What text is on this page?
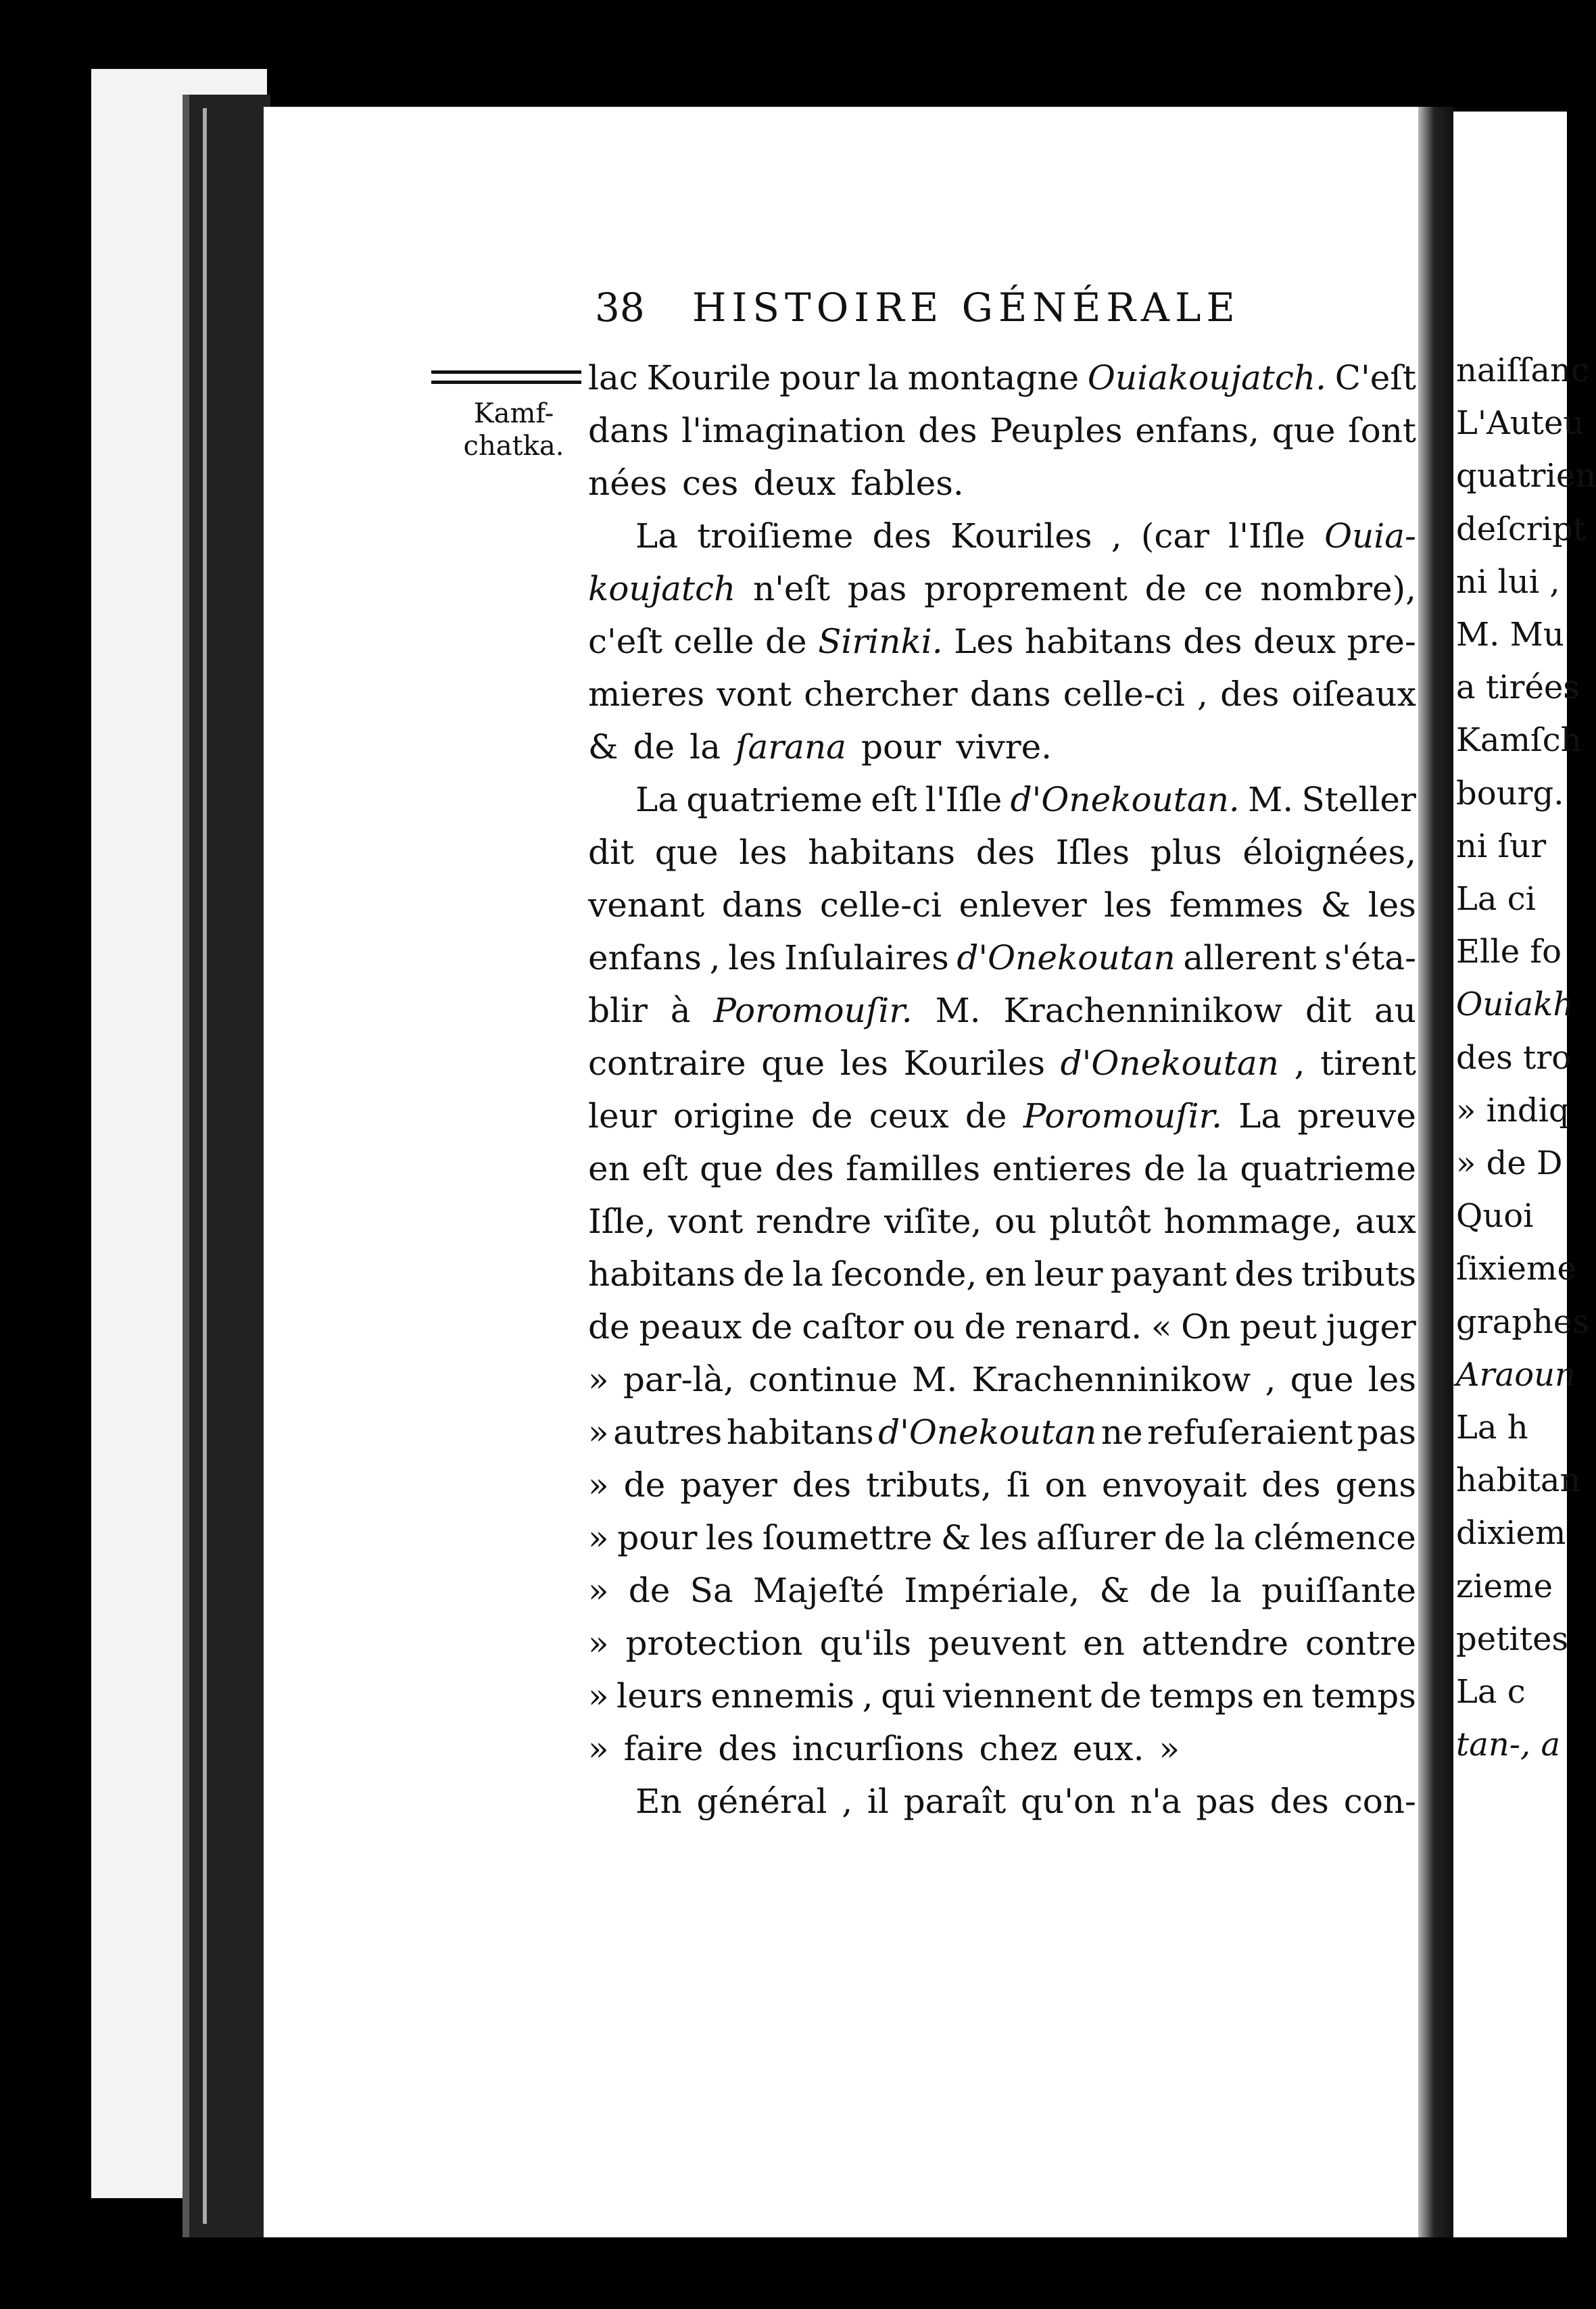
38 HISTOIRE GÉNÉRALE
Kamf-
chatka.
lac Kourile pour la montagne Ouiakoujatch. C'eſt
dans l'imagination des Peuples enfans, que ſont
nées ces deux fables.
La troiſieme des Kouriles , (car l'Iſle Ouia-
koujatch n'eſt pas proprement de ce nombre),
c'eſt celle de Sirinki. Les habitans des deux pre-
mieres vont chercher dans celle-ci , des oiſeaux
& de la ſarana pour vivre.
La quatrieme eſt l'Iſle d'Onekoutan. M. Steller
dit que les habitans des Iſles plus éloignées,
venant dans celle-ci enlever les femmes & les
enfans , les Inſulaires d'Onekoutan allerent s'éta-
blir à Poromouſir. M. Krachenninikow dit au
contraire que les Kouriles d'Onekoutan , tirent
leur origine de ceux de Poromouſir. La preuve
en eſt que des familles entieres de la quatrieme
Iſle, vont rendre viſite, ou plutôt hommage, aux
habitans de la ſeconde, en leur payant des tributs
de peaux de caſtor ou de renard. « On peut juger
» par-là, continue M. Krachenninikow , que les
» autres habitans d'Onekoutan ne refuſeraient pas
» de payer des tributs, ſi on envoyait des gens
» pour les ſoumettre & les aſſurer de la clémence
» de Sa Majeſté Impériale, & de la puiſſante
» protection qu'ils peuvent en attendre contre
» leurs ennemis , qui viennent de temps en temps
» faire des incurſions chez eux. »
En général , il paraît qu'on n'a pas des con-
naiſſanc
L'Auteu
quatrien
deſcript
ni lui ,
M. Mu
a tirées
Kamſch
bourg.
ni ſur
La ci
Elle fo
Ouiakh
des tro
» indiq
» de D
Quoi
ſixieme
graphes
Araoun
La h
habitan
dixiem
zieme
petites
La c
tan-, a
